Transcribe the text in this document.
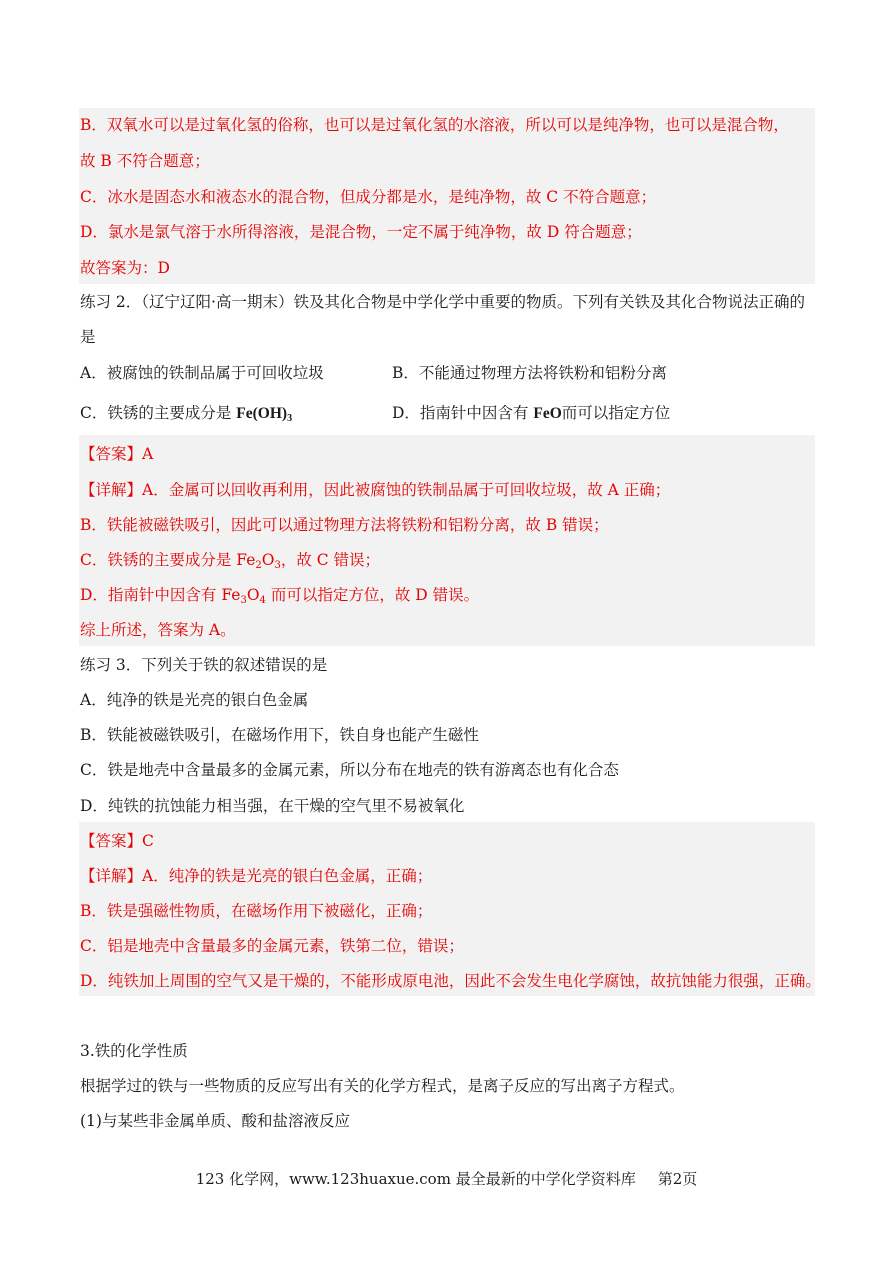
B．双氧水可以是过氧化氢的俗称，也可以是过氧化氢的水溶液，所以可以是纯净物，也可以是混合物，
故 B 不符合题意；
C．冰水是固态水和液态水的混合物，但成分都是水，是纯净物，故 C 不符合题意；
D．氯水是氯气溶于水所得溶液，是混合物，一定不属于纯净物，故 D 符合题意；
故答案为：D
练习 2．（辽宁辽阳·高一期末）铁及其化合物是中学化学中重要的物质。下列有关铁及其化合物说法正确的
是
A．被腐蚀的铁制品属于可回收垃圾	B．不能通过物理方法将铁粉和铝粉分离
C．铁锈的主要成分是 $Fe(OH)_3$	D．指南针中因含有 FeO而可以指定方位
【答案】A
【详解】A．金属可以回收再利用，因此被腐蚀的铁制品属于可回收垃圾，故 A 正确；
B．铁能被磁铁吸引，因此可以通过物理方法将铁粉和铝粉分离，故 B 错误；
C．铁锈的主要成分是 $Fe_2O_3$，故 C 错误；
D．指南针中因含有 $Fe_3O_4$ 而可以指定方位，故 D 错误。
综上所述，答案为 A。
练习 3．下列关于铁的叙述错误的是
A．纯净的铁是光亮的银白色金属
B．铁能被磁铁吸引，在磁场作用下，铁自身也能产生磁性
C．铁是地壳中含量最多的金属元素，所以分布在地壳的铁有游离态也有化合态
D．纯铁的抗蚀能力相当强，在干燥的空气里不易被氧化
【答案】C
【详解】A．纯净的铁是光亮的银白色金属，正确；
B．铁是强磁性物质，在磁场作用下被磁化，正确；
C．铝是地壳中含量最多的金属元素，铁第二位，错误；
D．纯铁加上周围的空气又是干燥的，不能形成原电池，因此不会发生电化学腐蚀，故抗蚀能力很强，正确。
3.铁的化学性质
根据学过的铁与一些物质的反应写出有关的化学方程式，是离子反应的写出离子方程式。
(1)与某些非金属单质、酸和盐溶液反应
123 化学网，www.123huaxue.com 最全最新的中学化学资料库 第2页
